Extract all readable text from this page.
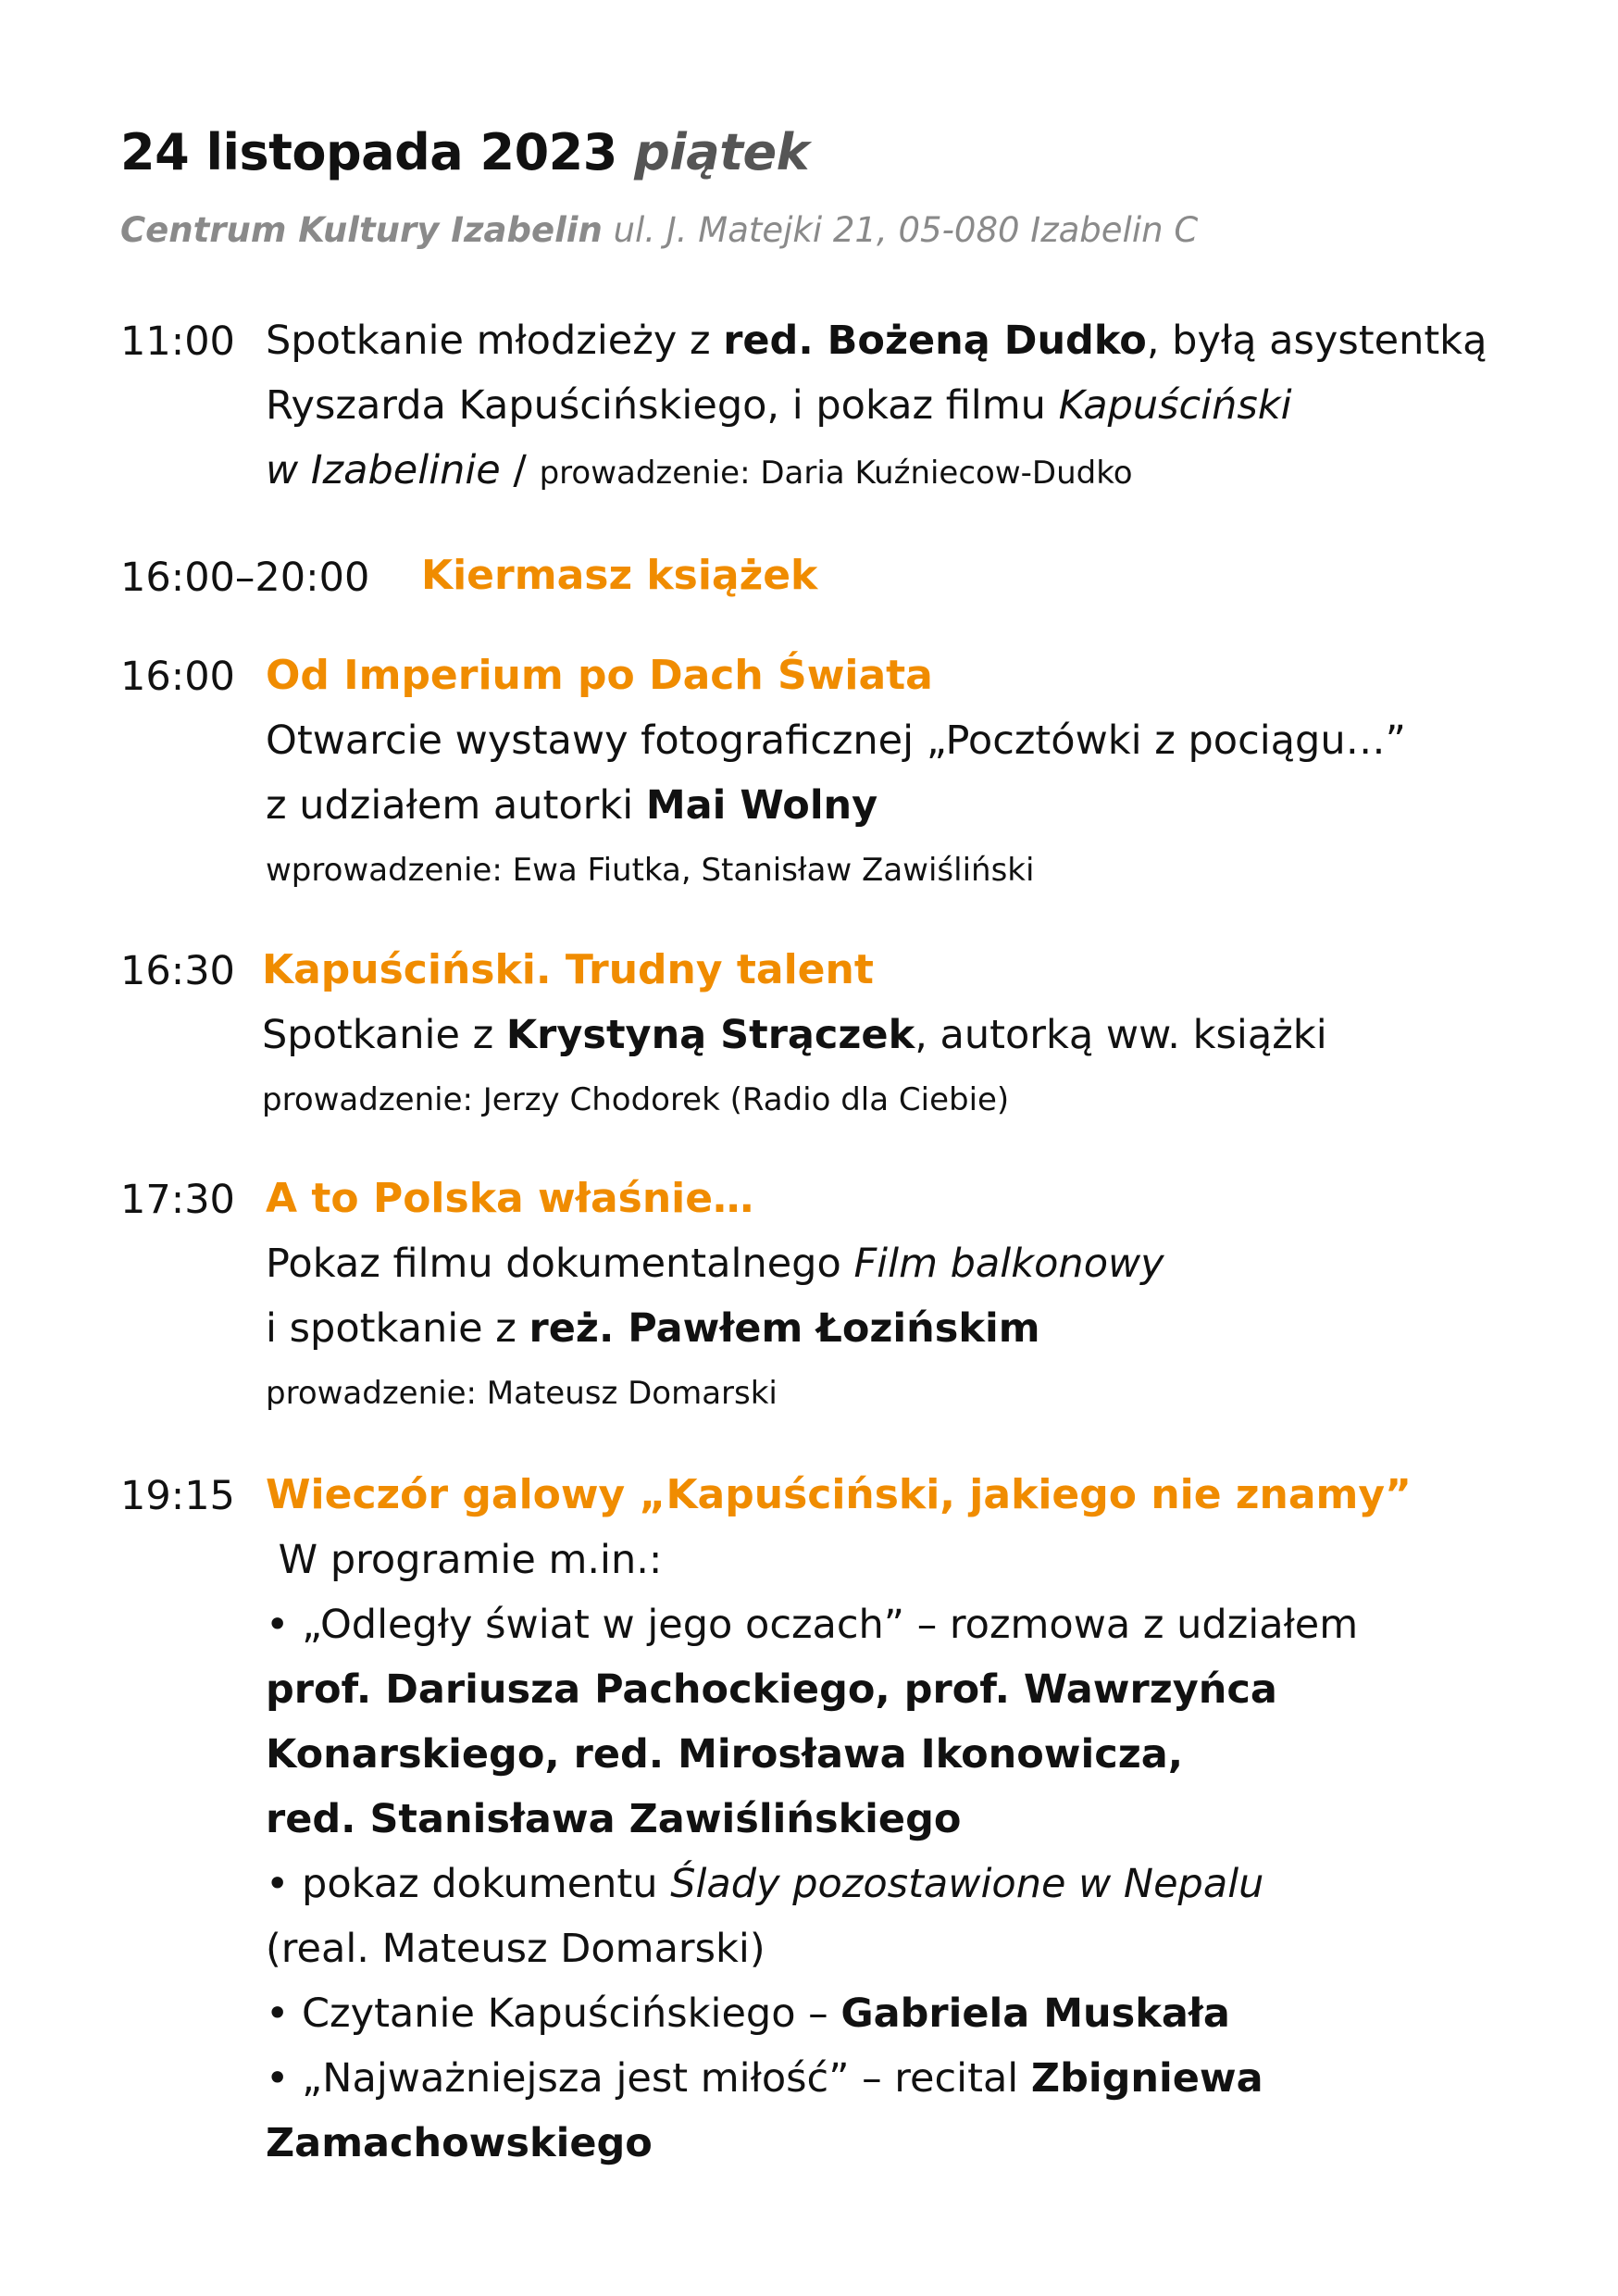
24 listopada 2023 piątek
Centrum Kultury Izabelin ul. J. Matejki 21, 05-080 Izabelin C
11:00 Spotkanie młodzieży z red. Bożeną Dudko, byłą asystentką
Ryszarda Kapuścińskiego, i pokaz filmu Kapuściński
w Izabelinie / prowadzenie: Daria Kuźniecow-Dudko
16:00–20:00 Kiermasz książek
16:00 Od Imperium po Dach Świata
Otwarcie wystawy fotograficznej „Pocztówki z pociągu…”
z udziałem autorki Mai Wolny
wprowadzenie: Ewa Fiutka, Stanisław Zawiśliński
16:30 Kapuściński. Trudny talent
Spotkanie z Krystyną Strączek, autorką ww. książki
prowadzenie: Jerzy Chodorek (Radio dla Ciebie)
17:30 A to Polska właśnie…
Pokaz filmu dokumentalnego Film balkonowy
i spotkanie z reż. Pawłem Łozińskim
prowadzenie: Mateusz Domarski
19:15 Wieczór galowy „Kapuściński, jakiego nie znamy”
W programie m.in.:
• „Odległy świat w jego oczach” – rozmowa z udziałem
prof. Dariusza Pachockiego, prof. Wawrzyńca
Konarskiego, red. Mirosława Ikonowicza,
red. Stanisława Zawiślińskiego
• pokaz dokumentu Ślady pozostawione w Nepalu
(real. Mateusz Domarski)
• Czytanie Kapuścińskiego – Gabriela Muskała
• „Najważniejsza jest miłość” – recital Zbigniewa
Zamachowskiego
